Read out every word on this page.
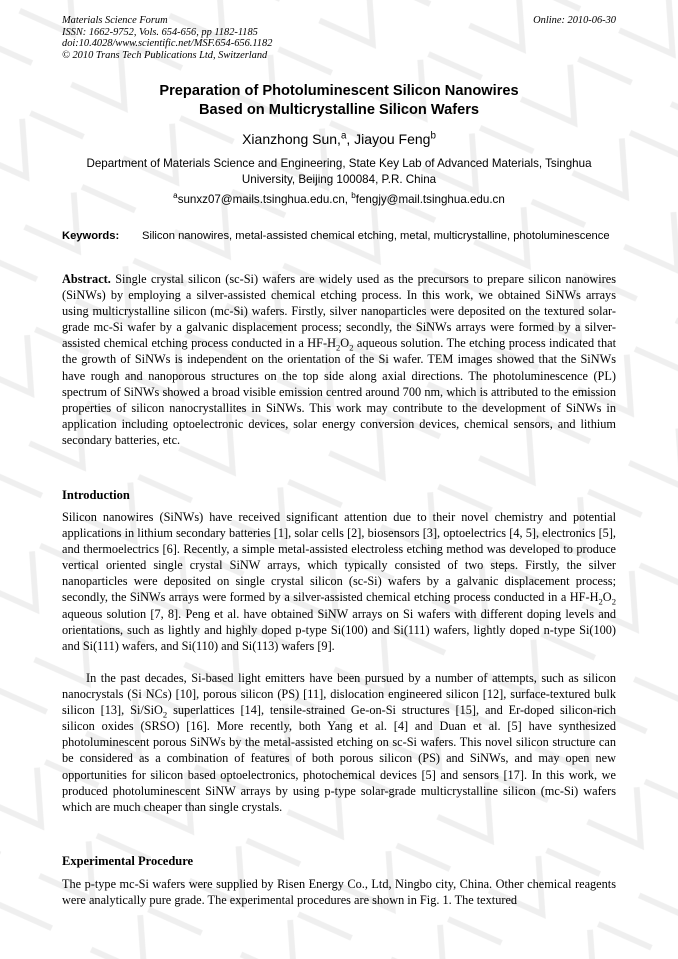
Materials Science Forum
ISSN: 1662-9752, Vols. 654-656, pp 1182-1185
doi:10.4028/www.scientific.net/MSF.654-656.1182
© 2010 Trans Tech Publications Ltd, Switzerland
Online: 2010-06-30
Preparation of Photoluminescent Silicon Nanowires
Based on Multicrystalline Silicon Wafers
Xianzhong Sun,$^a$, Jiayou Feng$^b$
Department of Materials Science and Engineering, State Key Lab of Advanced Materials, Tsinghua University, Beijing 100084, P.R. China
$^a$sunxz07@mails.tsinghua.edu.cn, $^b$fengjy@mail.tsinghua.edu.cn
Keywords:	Silicon nanowires, metal-assisted chemical etching, metal, multicrystalline, photoluminescence
Abstract. Single crystal silicon (sc-Si) wafers are widely used as the precursors to prepare silicon nanowires (SiNWs) by employing a silver-assisted chemical etching process. In this work, we obtained SiNWs arrays using multicrystalline silicon (mc-Si) wafers. Firstly, silver nanoparticles were deposited on the textured solar-grade mc-Si wafer by a galvanic displacement process; secondly, the SiNWs arrays were formed by a silver-assisted chemical etching process conducted in a $HF-H_2O_2$ aqueous solution. The etching process indicated that the growth of SiNWs is independent on the orientation of the Si wafer. TEM images showed that the SiNWs have rough and nanoporous structures on the top side along axial directions. The photoluminescence (PL) spectrum of SiNWs showed a broad visible emission centred around 700 nm, which is attributed to the emission properties of silicon nanocrystallites in SiNWs. This work may contribute to the development of SiNWs in application including optoelectronic devices, solar energy conversion devices, chemical sensors, and lithium secondary batteries, etc.
Introduction
Silicon nanowires (SiNWs) have received significant attention due to their novel chemistry and potential applications in lithium secondary batteries [1], solar cells [2], biosensors [3], optoelectrics [4, 5], electronics [5], and thermoelectrics [6]. Recently, a simple metal-assisted electroless etching method was developed to produce vertical oriented single crystal SiNW arrays, which typically consisted of two steps. Firstly, the silver nanoparticles were deposited on single crystal silicon (sc-Si) wafers by a galvanic displacement process; secondly, the SiNWs arrays were formed by a silver-assisted chemical etching process conducted in a $HF-H_2O_2$ aqueous solution [7, 8]. Peng et al. have obtained SiNW arrays on Si wafers with different doping levels and orientations, such as lightly and highly doped p-type Si(100) and Si(111) wafers, lightly doped n-type Si(100) and Si(111) wafers, and Si(110) and Si(113) wafers [9].
In the past decades, Si-based light emitters have been pursued by a number of attempts, such as silicon nanocrystals (Si NCs) [10], porous silicon (PS) [11], dislocation engineered silicon [12], surface-textured bulk silicon [13], Si/SiO$_2$ superlattices [14], tensile-strained Ge-on-Si structures [15], and Er-doped silicon-rich silicon oxides (SRSO) [16]. More recently, both Yang et al. [4] and Duan et al. [5] have synthesized photoluminescent porous SiNWs by the metal-assisted etching on sc-Si wafers. This novel silicon structure can be considered as a combination of features of both porous silicon (PS) and SiNWs, and may open new opportunities for silicon based optoelectronics, photochemical devices [5] and sensors [17]. In this work, we produced photoluminescent SiNW arrays by using p-type solar-grade multicrystalline silicon (mc-Si) wafers which are much cheaper than single crystals.
Experimental Procedure
The p-type mc-Si wafers were supplied by Risen Energy Co., Ltd, Ningbo city, China. Other chemical reagents were analytically pure grade. The experimental procedures are shown in Fig. 1. The textured
